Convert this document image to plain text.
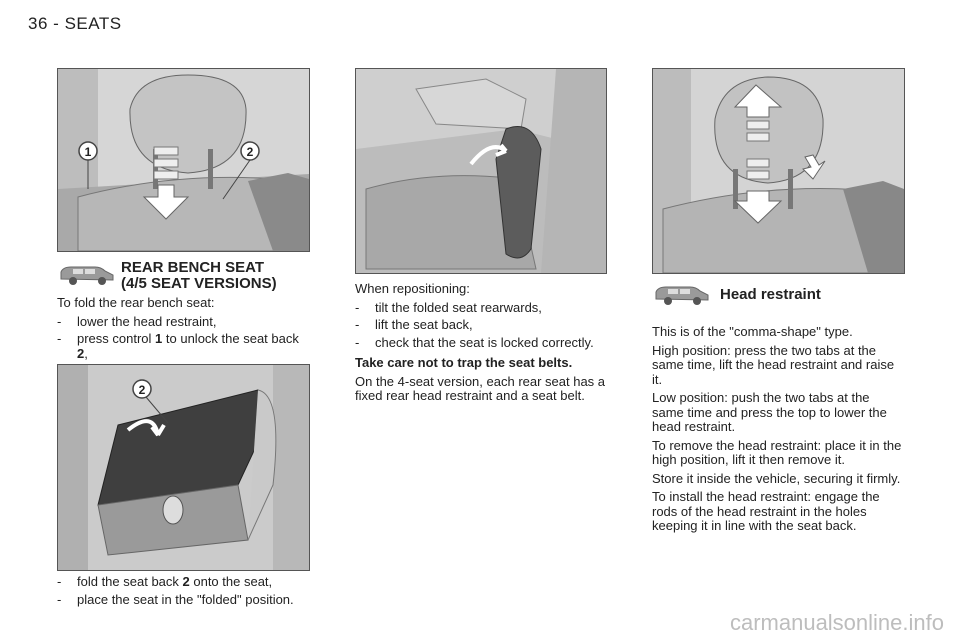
36 - SEATS
1	2
2
REAR BENCH SEAT
(4/5 SEAT VERSIONS)

To fold the rear bench seat:

-	lower the head restraint,
-	press control 1 to unlock the seat back 2,
-	fold the seat back 2 onto the seat,
-	place the seat in the "folded" position.

When repositioning:

-	tilt the folded seat rearwards,
-	lift the seat back,
-	check that the seat is locked correctly.

Take care not to trap the seat belts.

On the 4-seat version, each rear seat has a fixed rear head restraint and a seat belt.

Head restraint

This is of the "comma-shape" type.

High position: press the two tabs at the same time, lift the head restraint and raise it.

Low position: push the two tabs at the same time and press the top to lower the head restraint.

To remove the head restraint: place it in the high position, lift it then remove it.

Store it inside the vehicle, securing it firmly.

To install the head restraint: engage the rods of the head restraint in the holes keeping it in line with the seat back.

carmanualsonline.info
